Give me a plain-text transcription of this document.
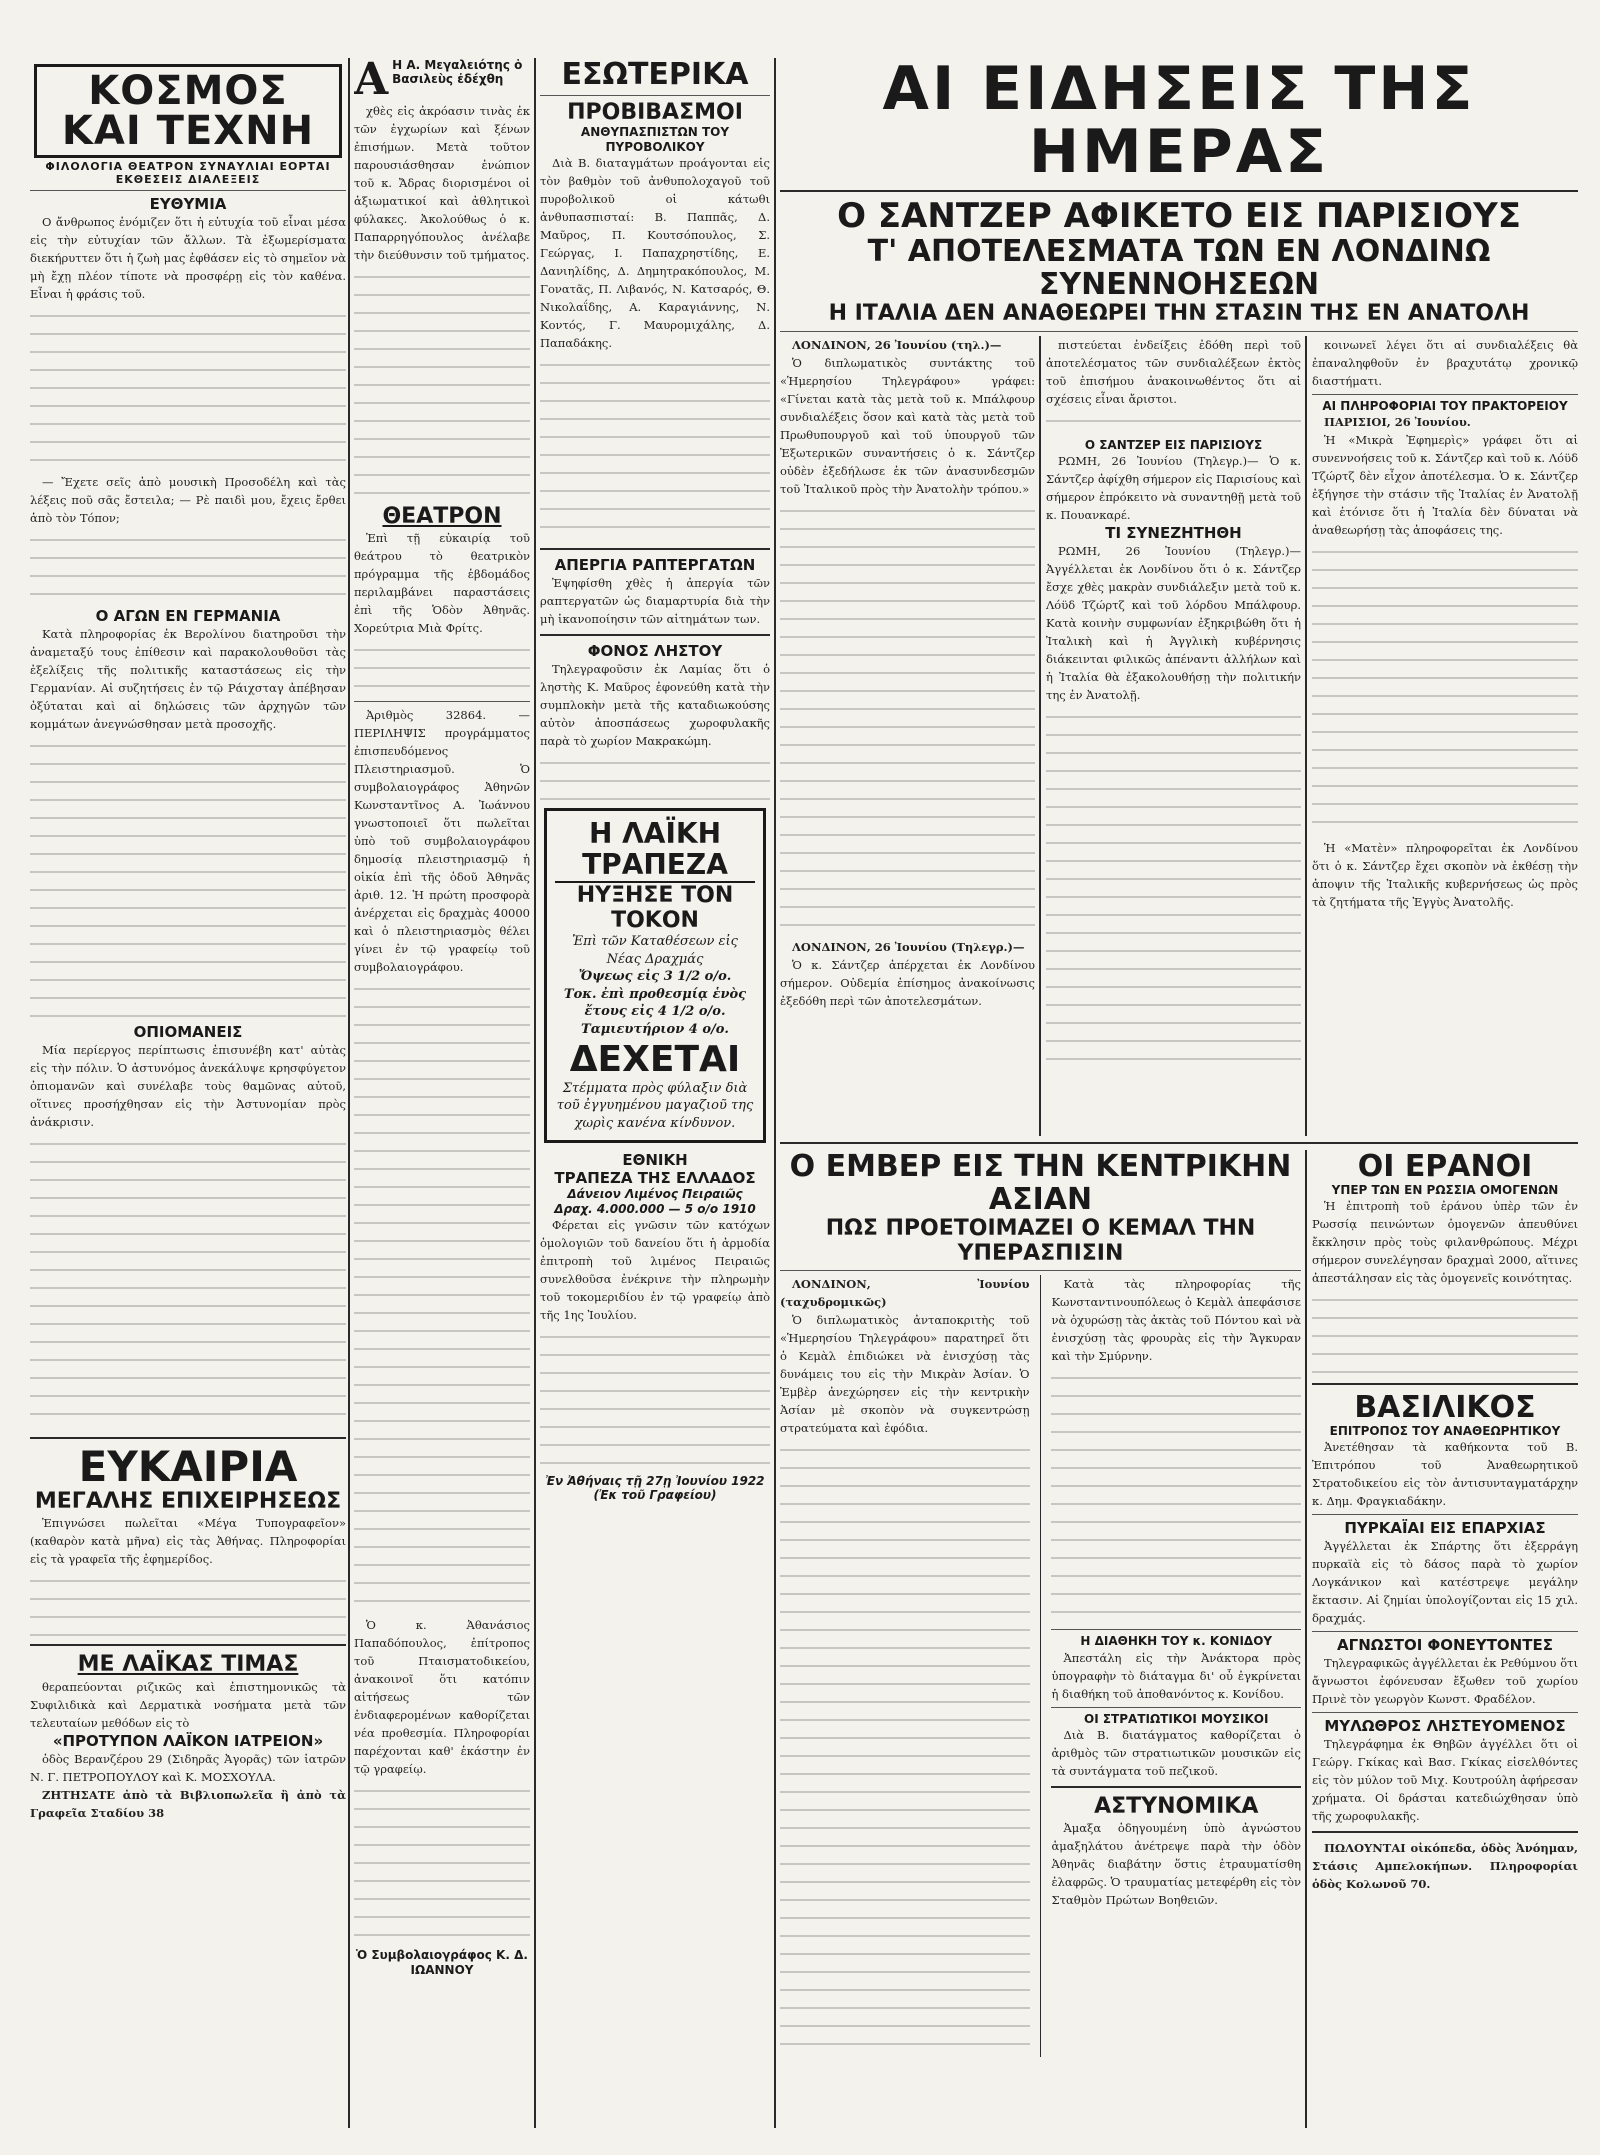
ΚΟΣΜΟΣ ΚΑΙ ΤΕΧΝΗ
ΦΙΛΟΛΟΓΙΑ ΘΕΑΤΡΟΝ ΣΥΝΑΥΛΙΑΙ ΕΟΡΤΑΙ ΕΚΘΕΣΕΙΣ ΔΙΑΛΕΞΕΙΣ
ΕΥΘΥΜΙΑ

Ο ἄνθρωπος ἐνόμιζεν ὅτι ἡ εὐτυχία τοῦ εἶναι μέσα εἰς τὴν εὐτυχίαν τῶν ἄλλων. Τὰ ἐξωμερίσματα διεκήρυττεν ὅτι ἡ ζωὴ μας ἐφθάσεν εἰς τὸ σημεῖον νὰ μὴ ἔχῃ πλέον τίποτε νὰ προσφέρῃ εἰς τὸν καθένα. Εἶναι ἡ φράσις τοῦ.

— Ἔχετε σεῖς ἀπὸ μουσικὴ Προσοδέλη καὶ τὰς λέξεις ποῦ σᾶς ἔστειλα; — Ρὲ παιδὶ μου, ἔχεις ἔρθει ἀπὸ τὸν Τόπον;

Ο ΑΓΩΝ ΕΝ ΓΕΡΜΑΝΙΑ

Κατὰ πληροφορίας ἐκ Βερολίνου διατηροῦσι τὴν ἀναμεταξύ τους ἐπίθεσιν καὶ παρακολουθοῦσι τὰς ἐξελίξεις τῆς πολιτικῆς καταστάσεως εἰς τὴν Γερμανίαν. Αἱ συζητήσεις ἐν τῷ Ράιχσταγ ἀπέβησαν ὀξύταται καὶ αἱ δηλώσεις τῶν ἀρχηγῶν τῶν κομμάτων ἀνεγνώσθησαν μετὰ προσοχῆς.

ΟΠΙΟΜΑΝΕΙΣ

Μία περίεργος περίπτωσις ἐπισυνέβη κατ' αὐτὰς εἰς τὴν πόλιν. Ὁ ἀστυνόμος ἀνεκάλυψε κρησφύγετον ὀπιομανῶν καὶ συνέλαβε τοὺς θαμῶνας αὐτοῦ, οἵτινες προσήχθησαν εἰς τὴν Ἀστυνομίαν πρὸς ἀνάκρισιν.

ΕΥΚΑΙΡΙΑ
ΜΕΓΑΛΗΣ ΕΠΙΧΕΙΡΗΣΕΩΣ

Ἐπιγνώσει πωλεῖται «Μέγα Τυπογραφεῖον» (καθαρὸν κατὰ μῆνα) εἰς τὰς Ἀθήνας. Πληροφορίαι εἰς τὰ γραφεῖα τῆς ἐφημερίδος.

ΜΕ ΛΑΪΚΑΣ ΤΙΜΑΣ

θεραπεύονται ριζικῶς καὶ ἐπιστημονικῶς τὰ Συφιλιδικὰ καὶ Δερματικὰ νοσήματα μετὰ τῶν τελευταίων μεθόδων εἰς τὸ

«ΠΡΟΤΥΠΟΝ ΛΑΪΚΟΝ ΙΑΤΡΕΙΟΝ»

ὁδὸς Βερανζέρου 29 (Σιδηρᾶς Ἀγορᾶς) τῶν ἰατρῶν Ν. Γ. ΠΕΤΡΟΠΟΥΛΟΥ καὶ Κ. ΜΟΣΧΟΥΛΑ.

ΖΗΤΗΣΑΤΕ ἀπὸ τὰ Βιβλιοπωλεῖα ἢ ἀπὸ τὰ Γραφεῖα Σταδίου 38

Α Η Α. Μεγαλειότης ὁ Βασιλεὺς ἐδέχθη

χθὲς εἰς ἀκρόασιν τινὰς ἐκ τῶν ἐγχωρίων καὶ ξένων ἐπισήμων. Μετὰ τοῦτον παρουσιάσθησαν ἐνώπιον τοῦ κ. Ἄδρας διορισμένοι οἱ ἀξιωματικοί καὶ ἀθλητικοὶ φύλακες. Ἀκολούθως ὁ κ. Παπαρρηγόπουλος ἀνέλαβε τὴν διεύθυνσιν τοῦ τμήματος.

ΘΕΑΤΡΟΝ

Ἐπὶ τῇ εὐκαιρίᾳ τοῦ θεάτρου τὸ θεατρικὸν πρόγραμμα τῆς ἑβδομάδος περιλαμβάνει παραστάσεις ἐπὶ τῆς Ὁδὸν Ἀθηνᾶς. Χορεύτρια Μιὰ Φρίτς.

Ἀριθμὸς 32864. —ΠΕΡΙΛΗΨΙΣ προγράμματος ἐπισπευδόμενος Πλειστηριασμοῦ. Ὁ συμβολαιογράφος Ἀθηνῶν Κωνσταντῖνος Α. Ἰωάννου γνωστοποιεῖ ὅτι πωλεῖται ὑπὸ τοῦ συμβολαιογράφου δημοσίᾳ πλειστηριασμῷ ἡ οἰκία ἐπὶ τῆς ὁδοῦ Ἀθηνᾶς ἀριθ. 12. Ἡ πρώτη προσφορὰ ἀνέρχεται εἰς δραχμὰς 40000 καὶ ὁ πλειστηριασμὸς θέλει γίνει ἐν τῷ γραφείῳ τοῦ συμβολαιογράφου.

Ὁ κ. Ἀθανάσιος Παπαδόπουλος, ἐπίτροπος τοῦ Πταισματοδικείου, ἀνακοινοῖ ὅτι κατόπιν αἰτήσεως τῶν ἐνδιαφερομένων καθορίζεται νέα προθεσμία. Πληροφορίαι παρέχονται καθ' ἑκάστην ἐν τῷ γραφείῳ.

Ὁ Συμβολαιογράφος Κ. Δ. ΙΩΑΝΝΟΥ
ΕΣΩΤΕΡΙΚΑ
ΠΡΟΒΙΒΑΣΜΟΙ
ΑΝΘΥΠΑΣΠΙΣΤΩΝ ΤΟΥ ΠΥΡΟΒΟΛΙΚΟΥ

Διὰ Β. διαταγμάτων προάγονται εἰς τὸν βαθμὸν τοῦ ἀνθυπολοχαγοῦ τοῦ πυροβολικοῦ οἱ κάτωθι ἀνθυπασπισταί: Β. Παππᾶς, Δ. Μαῦρος, Π. Κουτσόπουλος, Σ. Γεώργας, Ι. Παπαχρηστίδης, Ε. Δανιηλίδης, Δ. Δημητρακόπουλος, Μ. Γονατᾶς, Π. Λιβανός, Ν. Κατσαρός, Θ. Νικολαΐδης, Α. Καραγιάννης, Ν. Κοντός, Γ. Μαυρομιχάλης, Δ. Παπαδάκης.

ΑΠΕΡΓΙΑ ΡΑΠΤΕΡΓΑΤΩΝ

Ἐψηφίσθη χθὲς ἡ ἀπεργία τῶν ραπτεργατῶν ὡς διαμαρτυρία διὰ τὴν μὴ ἱκανοποίησιν τῶν αἰτημάτων των.

ΦΟΝΟΣ ΛΗΣΤΟΥ

Τηλεγραφοῦσιν ἐκ Λαμίας ὅτι ὁ ληστὴς Κ. Μαῦρος ἐφονεύθη κατὰ τὴν συμπλοκὴν μετὰ τῆς καταδιωκούσης αὐτὸν ἀποσπάσεως χωροφυλακῆς παρὰ τὸ χωρίον Μακρακώμη.

Η ΛΑΪΚΗ ΤΡΑΠΕΖΑ
ΗΥΞΗΣΕ ΤΟΝ ΤΟΚΟΝ
Ἐπὶ τῶν Καταθέσεων εἰς Νέας Δραχμάς
Ὄψεως εἰς 3 1/2 ο/ο.
Τοκ. ἐπὶ προθεσμίᾳ ἑνὸς ἔτους εἰς 4 1/2 ο/ο.
Ταμιευτήριον 4 ο/ο.
ΔΕΧΕΤΑΙ
Στέμματα πρὸς φύλαξιν διὰ τοῦ ἐγγυημένου μαγαζιοῦ της χωρὶς κανένα κίνδυνον.
ΕΘΝΙΚΗ
ΤΡΑΠΕΖΑ ΤΗΣ ΕΛΛΑΔΟΣ
Δάνειον Λιμένος Πειραιῶς
Δραχ. 4.000.000 — 5 ο/ο 1910

Φέρεται εἰς γνῶσιν τῶν κατόχων ὁμολογιῶν τοῦ δανείου ὅτι ἡ ἀρμοδία ἐπιτροπὴ τοῦ λιμένος Πειραιῶς συνελθοῦσα ἐνέκρινε τὴν πληρωμὴν τοῦ τοκομεριδίου ἐν τῷ γραφείῳ ἀπὸ τῆς 1ης Ἰουλίου.

Ἐν Ἀθήναις τῇ 27ῃ Ἰουνίου 1922
(Ἐκ τοῦ Γραφείου)
ΑΙ ΕΙΔΗΣΕΙΣ ΤΗΣ ΗΜΕΡΑΣ
Ο ΣΑΝΤΖΕΡ ΑΦΙΚΕΤΟ ΕΙΣ ΠΑΡΙΣΙΟΥΣ
Τ' ΑΠΟΤΕΛΕΣΜΑΤΑ ΤΩΝ ΕΝ ΛΟΝΔΙΝΩ ΣΥΝΕΝΝΟΗΣΕΩΝ
Η ΙΤΑΛΙΑ ΔΕΝ ΑΝΑΘΕΩΡΕΙ ΤΗΝ ΣΤΑΣΙΝ ΤΗΣ ΕΝ ΑΝΑΤΟΛΗ

ΛΟΝΔΙΝΟΝ, 26 Ἰουνίου (τηλ.)—

Ὁ διπλωματικὸς συντάκτης τοῦ «Ἡμερησίου Τηλεγράφου» γράφει: «Γίνεται κατὰ τὰς μετὰ τοῦ κ. Μπάλφουρ συνδιαλέξεις ὅσον καὶ κατὰ τὰς μετὰ τοῦ Πρωθυπουργοῦ καὶ τοῦ ὑπουργοῦ τῶν Ἐξωτερικῶν συναντήσεις ὁ κ. Σάντζερ οὐδὲν ἐξεδήλωσε ἐκ τῶν ἀνασυνδεσμῶν τοῦ Ἰταλικοῦ πρὸς τὴν Ἀνατολὴν τρόπου.»

ΛΟΝΔΙΝΟΝ, 26 Ἰουνίου (Τηλεγρ.)—

Ὁ κ. Σάντζερ ἀπέρχεται ἐκ Λονδίνου σήμερον. Οὐδεμία ἐπίσημος ἀνακοίνωσις ἐξεδόθη περὶ τῶν ἀποτελεσμάτων.

πιστεύεται ἐνδείξεις ἐδόθη περὶ τοῦ ἀποτελέσματος τῶν συνδιαλέξεων ἐκτὸς τοῦ ἐπισήμου ἀνακοινωθέντος ὅτι αἱ σχέσεις εἶναι ἄριστοι.

Ο ΣΑΝΤΖΕΡ ΕΙΣ ΠΑΡΙΣΙΟΥΣ

ΡΩΜΗ, 26 Ἰουνίου (Τηλεγρ.)— Ὁ κ. Σάντζερ ἀφίχθη σήμερον εἰς Παρισίους καὶ σήμερον ἐπρόκειτο νὰ συναντηθῇ μετὰ τοῦ κ. Πουανκαρέ.

ΤΙ ΣΥΝΕΖΗΤΗΘΗ

ΡΩΜΗ, 26 Ἰουνίου (Τηλεγρ.)— Ἀγγέλλεται ἐκ Λονδίνου ὅτι ὁ κ. Σάντζερ ἔσχε χθὲς μακρὰν συνδιάλεξιν μετὰ τοῦ κ. Λόϋδ Τζώρτζ καὶ τοῦ λόρδου Μπάλφουρ. Κατὰ κοινὴν συμφωνίαν ἐξηκριβώθη ὅτι ἡ Ἰταλικὴ καὶ ἡ Ἀγγλικὴ κυβέρνησις διάκεινται φιλικῶς ἀπέναντι ἀλλήλων καὶ ἡ Ἰταλία θὰ ἐξακολουθήσῃ τὴν πολιτικήν της ἐν Ἀνατολῇ.

κοινωνεῖ λέγει ὅτι αἱ συνδιαλέξεις θὰ ἐπαναληφθοῦν ἐν βραχυτάτῳ χρονικῷ διαστήματι.

ΑΙ ΠΛΗΡΟΦΟΡΙΑΙ ΤΟΥ ΠΡΑΚΤΟΡΕΙΟΥ

ΠΑΡΙΣΙΟΙ, 26 Ἰουνίου.

Ἡ «Μικρὰ Ἐφημερὶς» γράφει ὅτι αἱ συνεννοήσεις τοῦ κ. Σάντζερ καὶ τοῦ κ. Λόϋδ Τζώρτζ δὲν εἶχον ἀποτέλεσμα. Ὁ κ. Σάντζερ ἐξήγησε τὴν στάσιν τῆς Ἰταλίας ἐν Ἀνατολῇ καὶ ἐτόνισε ὅτι ἡ Ἰταλία δὲν δύναται νὰ ἀναθεωρήσῃ τὰς ἀποφάσεις της.

Ἡ «Ματὲν» πληροφορεῖται ἐκ Λονδίνου ὅτι ὁ κ. Σάντζερ ἔχει σκοπὸν νὰ ἐκθέσῃ τὴν ἀποψιν τῆς Ἰταλικῆς κυβερνήσεως ὡς πρὸς τὰ ζητήματα τῆς Ἐγγὺς Ἀνατολῆς.

Ο ΕΜΒΕΡ ΕΙΣ ΤΗΝ ΚΕΝΤΡΙΚΗΝ ΑΣΙΑΝ
ΠΩΣ ΠΡΟΕΤΟΙΜΑΖΕΙ Ο ΚΕΜΑΛ ΤΗΝ ΥΠΕΡΑΣΠΙΣΙΝ

ΛΟΝΔΙΝΟΝ, Ἰουνίου (ταχυδρομικῶς)

Ὁ διπλωματικὸς ἀνταποκριτὴς τοῦ «Ἡμερησίου Τηλεγράφου» παρατηρεῖ ὅτι ὁ Κεμὰλ ἐπιδιώκει νὰ ἐνισχύσῃ τὰς δυνάμεις του εἰς τὴν Μικρὰν Ἀσίαν. Ὁ Ἐμβὲρ ἀνεχώρησεν εἰς τὴν κεντρικὴν Ἀσίαν μὲ σκοπὸν νὰ συγκεντρώσῃ στρατεύματα καὶ ἐφόδια.

Κατὰ τὰς πληροφορίας τῆς Κωνσταντινουπόλεως ὁ Κεμὰλ ἀπεφάσισε νὰ ὀχυρώσῃ τὰς ἀκτὰς τοῦ Πόντου καὶ νὰ ἐνισχύσῃ τὰς φρουρὰς εἰς τὴν Ἄγκυραν καὶ τὴν Σμύρνην.

Η ΔΙΑΘΗΚΗ ΤΟΥ κ. ΚΟΝΙΔΟΥ

Ἀπεστάλη εἰς τὴν Ἀνάκτορα πρὸς ὑπογραφὴν τὸ διάταγμα δι' οὗ ἐγκρίνεται ἡ διαθήκη τοῦ ἀποθανόντος κ. Κονίδου.

ΟΙ ΣΤΡΑΤΙΩΤΙΚΟΙ ΜΟΥΣΙΚΟΙ

Διὰ Β. διατάγματος καθορίζεται ὁ ἀριθμὸς τῶν στρατιωτικῶν μουσικῶν εἰς τὰ συντάγματα τοῦ πεζικοῦ.

ΑΣΤΥΝΟΜΙΚΑ

Ἀμαξα ὁδηγουμένη ὑπὸ ἀγνώστου ἁμαξηλάτου ἀνέτρεψε παρὰ τὴν ὁδὸν Ἀθηνᾶς διαβάτην ὅστις ἐτραυματίσθη ἐλαφρῶς. Ὁ τραυματίας μετεφέρθη εἰς τὸν Σταθμὸν Πρώτων Βοηθειῶν.

ΟΙ ΕΡΑΝΟΙ
ΥΠΕΡ ΤΩΝ ΕΝ ΡΩΣΣΙΑ ΟΜΟΓΕΝΩΝ

Ἡ ἐπιτροπὴ τοῦ ἐράνου ὑπὲρ τῶν ἐν Ρωσσίᾳ πεινώντων ὁμογενῶν ἀπευθύνει ἔκκλησιν πρὸς τοὺς φιλανθρώπους. Μέχρι σήμερον συνελέγησαν δραχμαὶ 2000, αἵτινες ἀπεστάλησαν εἰς τὰς ὁμογενεῖς κοινότητας.

ΒΑΣΙΛΙΚΟΣ
ΕΠΙΤΡΟΠΟΣ ΤΟΥ ΑΝΑΘΕΩΡΗΤΙΚΟΥ

Ἀνετέθησαν τὰ καθήκοντα τοῦ Β. Ἐπιτρόπου τοῦ Ἀναθεωρητικοῦ Στρατοδικείου εἰς τὸν ἀντισυνταγματάρχην κ. Δημ. Φραγκιαδάκην.

ΠΥΡΚΑΪΑΙ ΕΙΣ ΕΠΑΡΧΙΑΣ

Ἀγγέλλεται ἐκ Σπάρτης ὅτι ἐξερράγη πυρκαϊὰ εἰς τὸ δάσος παρὰ τὸ χωρίον Λογκάνικον καὶ κατέστρεψε μεγάλην ἔκτασιν. Αἱ ζημίαι ὑπολογίζονται εἰς 15 χιλ. δραχμάς.

ΑΓΝΩΣΤΟΙ ΦΟΝΕΥΤΟΝΤΕΣ

Τηλεγραφικῶς ἀγγέλλεται ἐκ Ρεθύμνου ὅτι ἄγνωστοι ἐφόνευσαν ἔξωθεν τοῦ χωρίου Πρινὲ τὸν γεωργὸν Κωνστ. Φραδέλον.

ΜΥΛΩΘΡΟΣ ΛΗΣΤΕΥΟΜΕΝΟΣ

Τηλεγράφημα ἐκ Θηβῶν ἀγγέλλει ὅτι οἱ Γεώργ. Γκίκας καὶ Βασ. Γκίκας εἰσελθόντες εἰς τὸν μύλον τοῦ Μιχ. Κουτρούλη ἀφήρεσαν χρήματα. Οἱ δράσται κατεδιώχθησαν ὑπὸ τῆς χωροφυλακῆς.

ΠΩΛΟΥΝΤΑΙ οἰκόπεδα, ὁδὸς Ἀνόημαν, Στάσις Αμπελοκήπων. Πληροφορίαι ὁδὸς Κολωνοῦ 70.
